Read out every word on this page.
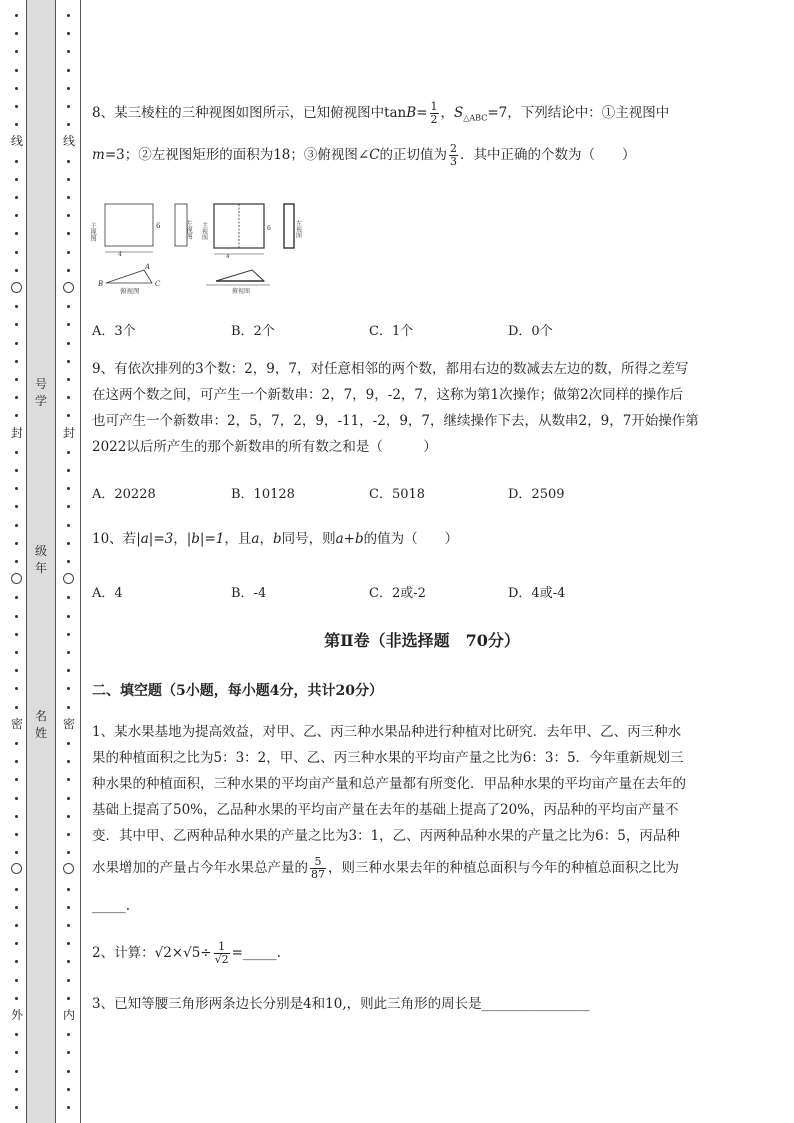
线
封
密
外
号学
级年
名姓
线
封
密
内
8、某三棱柱的三种视图如图所示，已知俯视图中$\tan B= \frac{1}{2}$ ，$S_{\triangle ABC}=7$，下列结论中：①主视图中
m=3；②左视图矩形的面积为18；③俯视图∠C的正切值为 $\frac{2}{3}$ ．其中正确的个数为（　　）
主视图	6
4
左视图
A
B	C
俯视图
主视图	6
4
左视图
俯视图
A．3个	B．2个	C．1个	D．0个
9、有依次排列的3个数：2，9，7，对任意相邻的两个数，都用右边的数减去左边的数，所得之差写
在这两个数之间，可产生一个新数串：2，7，9，-2，7，这称为第1次操作；做第2次同样的操作后
也可产生一个新数串：2，5，7，2，9，-11，-2，9，7，继续操作下去，从数串2，9，7开始操作第
2022以后所产生的那个新数串的所有数之和是（　　　）
A．20228	B．10128	C．5018	D．2509
10、若|a|=3，|b|=1，且a，b同号，则a+b的值为（　　）
A．4	B．-4	C．2或-2	D．4或-4
第Ⅱ卷（非选择题　70分）
二、填空题（5小题，每小题4分，共计20分）
1、某水果基地为提高效益，对甲、乙、丙三种水果品种进行种植对比研究．去年甲、乙、丙三种水
果的种植面积之比为5：3：2，甲、乙、丙三种水果的平均亩产量之比为6：3：5．今年重新规划三
种水果的种植面积，三种水果的平均亩产量和总产量都有所变化．甲品种水果的平均亩产量在去年的
基础上提高了50%，乙品种水果的平均亩产量在去年的基础上提高了20%，丙品种的平均亩产量不
变．其中甲、乙两种品种水果的产量之比为3：1，乙、丙两种品种水果的产量之比为6：5，丙品种
水果增加的产量占今年水果总产量的 $\frac{5}{87}$ ，则三种水果去年的种植总面积与今年的种植总面积之比为
_____.
2、计算：$√2\times√5\div \frac{1}{√2}$ =_____.
3、已知等腰三角形两条边长分别是4和10,，则此三角形的周长是________________
